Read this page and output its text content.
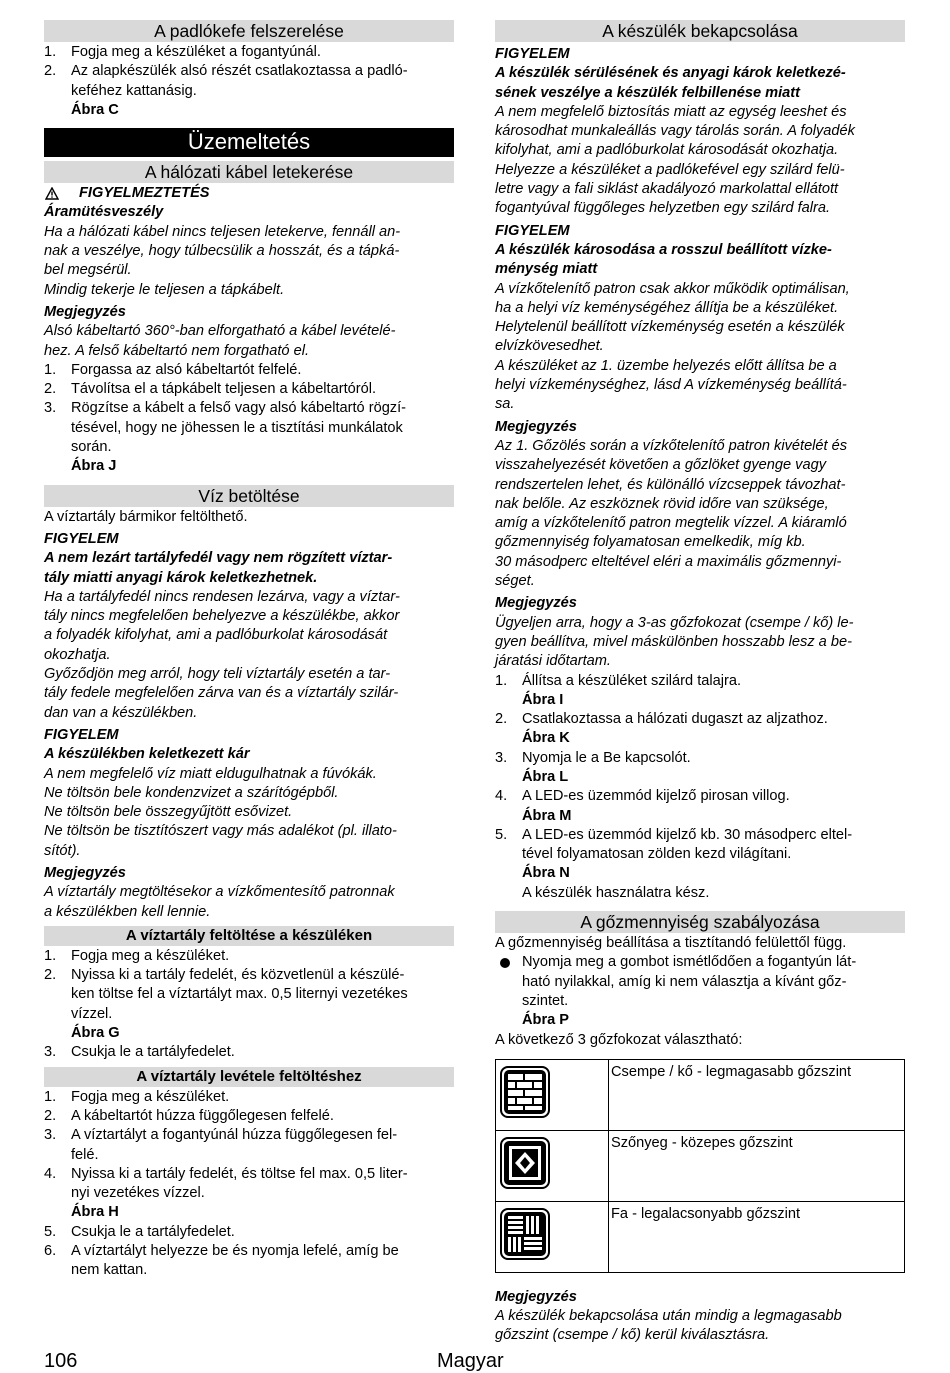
A padlókefe felszerelése
1.	Fogja meg a készüléket a fogantyúnál.
2.	Az alapkészülék alsó részét csatlakoztassa a padló-
keféhez kattanásig.
Ábra C
Üzemeltetés
A hálózati kábel letekerése
FIGYELMEZTETÉS
Áramütésveszély
Ha a hálózati kábel nincs teljesen letekerve, fennáll an-
nak a veszélye, hogy túlbecsülik a hosszát, és a tápká-
bel megsérül.
Mindig tekerje le teljesen a tápkábelt.
Megjegyzés
Alsó kábeltartó 360°-ban elforgatható a kábel levételé-
hez. A felső kábeltartó nem forgatható el.
1.	Forgassa az alsó kábeltartót felfelé.
2.	Távolítsa el a tápkábelt teljesen a kábeltartóról.
3.	Rögzítse a kábelt a felső vagy alsó kábeltartó rögzí-
tésével, hogy ne jöhessen le a tisztítási munkálatok
során.
Ábra J
Víz betöltése
A víztartály bármikor feltölthető.
FIGYELEM
A nem lezárt tartályfedél vagy nem rögzített víztar-
tály miatti anyagi károk keletkezhetnek.
Ha a tartályfedél nincs rendesen lezárva, vagy a víztar-
tály nincs megfelelően behelyezve a készülékbe, akkor
a folyadék kifolyhat, ami a padlóburkolat károsodását
okozhatja.
Győződjön meg arról, hogy teli víztartály esetén a tar-
tály fedele megfelelően zárva van és a víztartály szilár-
dan van a készülékben.
FIGYELEM
A készülékben keletkezett kár
A nem megfelelő víz miatt eldugulhatnak a fúvókák.
Ne töltsön bele kondenzvizet a szárítógépből.
Ne töltsön bele összegyűjtött esővizet.
Ne töltsön be tisztítószert vagy más adalékot (pl. illato-
sítót).
Megjegyzés
A víztartály megtöltésekor a vízkőmentesítő patronnak
a készülékben kell lennie.
A víztartály feltöltése a készüléken
1.	Fogja meg a készüléket.
2.	Nyissa ki a tartály fedelét, és közvetlenül a készülé-
ken töltse fel a víztartályt max. 0,5 liternyi vezetékes
vízzel.
Ábra G
3.	Csukja le a tartályfedelet.
A víztartály levétele feltöltéshez
1.	Fogja meg a készüléket.
2.	A kábeltartót húzza függőlegesen felfelé.
3.	A víztartályt a fogantyúnál húzza függőlegesen fel-
felé.
4.	Nyissa ki a tartály fedelét, és töltse fel max. 0,5 liter-
nyi vezetékes vízzel.
Ábra H
5.	Csukja le a tartályfedelet.
6.	A víztartályt helyezze be és nyomja lefelé, amíg be
nem kattan.
A készülék bekapcsolása
FIGYELEM
A készülék sérülésének és anyagi károk keletkezé-
sének veszélye a készülék felbillenése miatt
A nem megfelelő biztosítás miatt az egység leeshet és
károsodhat munkaleállás vagy tárolás során. A folyadék
kifolyhat, ami a padlóburkolat károsodását okozhatja.
Helyezze a készüléket a padlókefével egy szilárd felü-
letre vagy a fali siklást akadályozó markolattal ellátott
fogantyúval függőleges helyzetben egy szilárd falra.
FIGYELEM
A készülék károsodása a rosszul beállított vízke-
ménység miatt
A vízkőtelenítő patron csak akkor működik optimálisan,
ha a helyi víz keménységéhez állítja be a készüléket.
Helytelenül beállított vízkeménység esetén a készülék
elvízkövesedhet.
A készüléket az 1. üzembe helyezés előtt állítsa be a
helyi vízkeménységhez, lásd A vízkeménység beállítá-
sa.
Megjegyzés
Az 1. Gőzölés során a vízkőtelenítő patron kivételét és
visszahelyezését követően a gőzlöket gyenge vagy
rendszertelen lehet, és különálló vízcseppek távozhat-
nak belőle. Az eszköznek rövid időre van szüksége,
amíg a vízkőtelenítő patron megtelik vízzel. A kiáramló
gőzmennyiség folyamatosan emelkedik, míg kb.
30 másodperc elteltével eléri a maximális gőzmennyi-
séget.
Megjegyzés
Ügyeljen arra, hogy a 3-as gőzfokozat (csempe / kő) le-
gyen beállítva, mivel máskülönben hosszabb lesz a be-
járatási időtartam.
1.	Állítsa a készüléket szilárd talajra.
Ábra I
2.	Csatlakoztassa a hálózati dugaszt az aljzathoz.
Ábra K
3.	Nyomja le a Be kapcsolót.
Ábra L
4.	A LED-es üzemmód kijelző pirosan villog.
Ábra M
5.	A LED-es üzemmód kijelző kb. 30 másodperc eltel-
tével folyamatosan zölden kezd világítani.
Ábra N
A készülék használatra kész.
A gőzmennyiség szabályozása
A gőzmennyiség beállítása a tisztítandó felülettől függ.
Nyomja meg a gombot ismétlődően a fogantyún lát-
ható nyilakkal, amíg ki nem választja a kívánt gőz-
szintet.
Ábra P
A következő 3 gőzfokozat választható:
	Csempe / kő - legmagasabb gőzszint
	Szőnyeg - közepes gőzszint
	Fa - legalacsonyabb gőzszint
Megjegyzés
A készülék bekapcsolása után mindig a legmagasabb
gőzszint (csempe / kő) kerül kiválasztásra.
106	Magyar
